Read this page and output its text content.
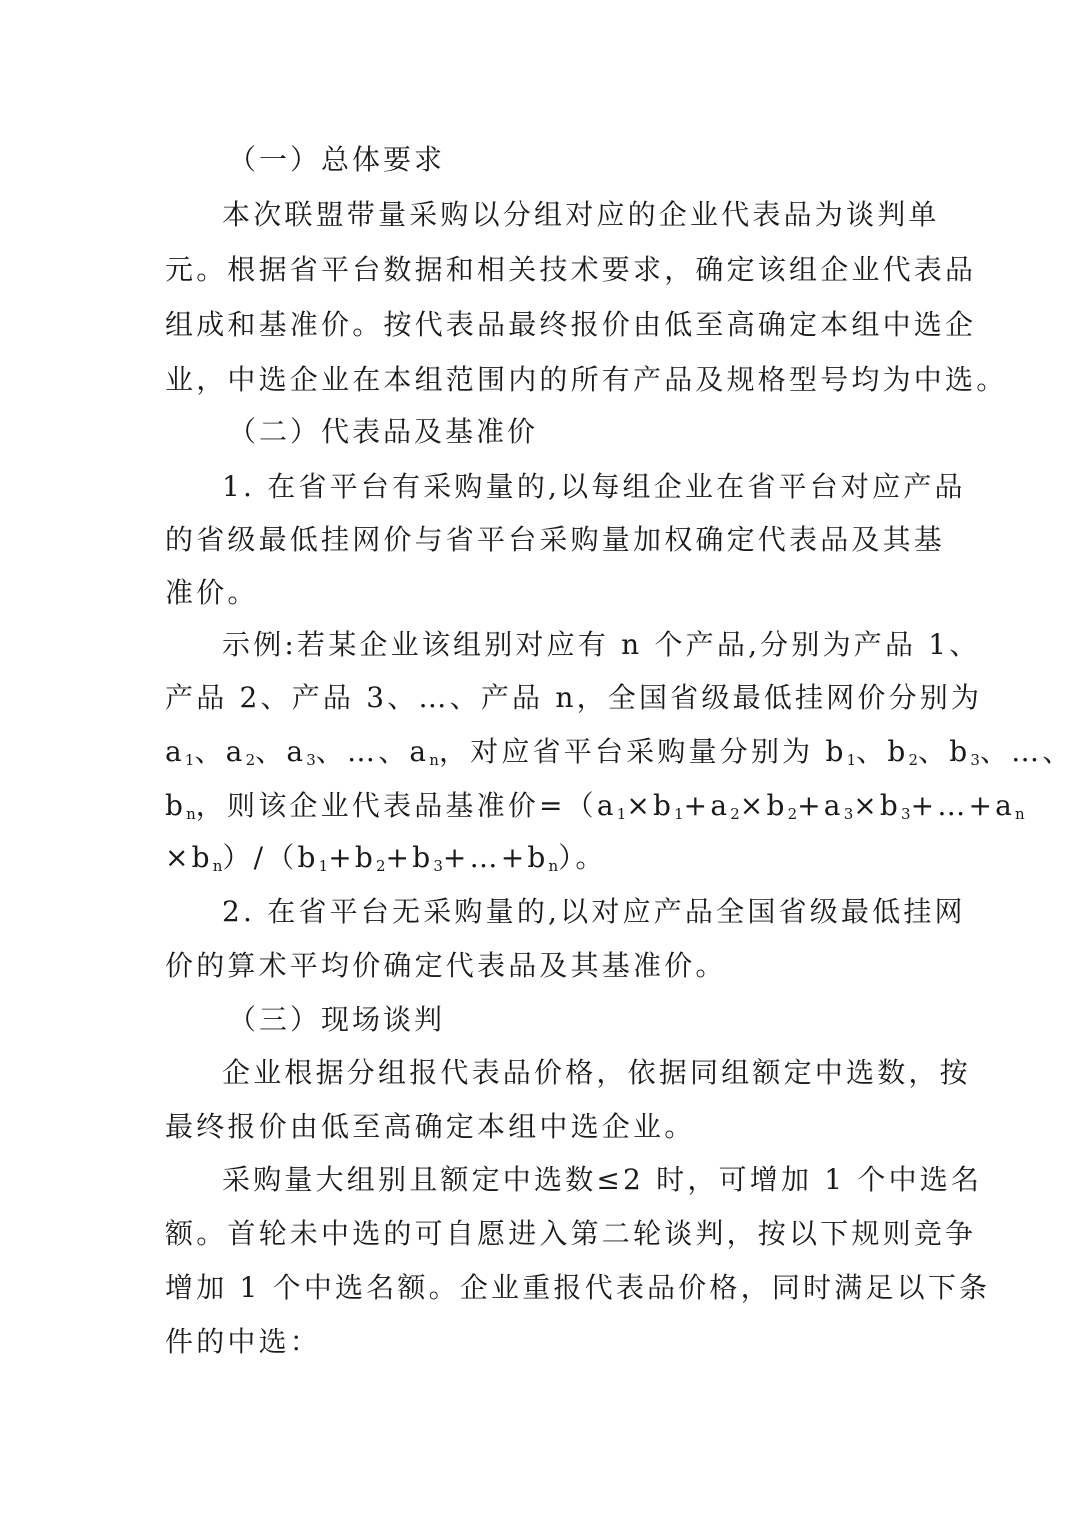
（一）总体要求
本次联盟带量采购以分组对应的企业代表品为谈判单
元。根据省平台数据和相关技术要求，确定该组企业代表品
组成和基准价。按代表品最终报价由低至高确定本组中选企
业，中选企业在本组范围内的所有产品及规格型号均为中选。
（二）代表品及基准价
1. 在省平台有采购量的,以每组企业在省平台对应产品
的省级最低挂网价与省平台采购量加权确定代表品及其基
准价。
示例:若某企业该组别对应有 n 个产品,分别为产品 1、
产品 2、产品 3、…、产品 n，全国省级最低挂网价分别为
$a_1$、$a_2$、$a_3$、…、$a_n$，对应省平台采购量分别为 $b_1$、$b_2$、$b_3$、…、
$b_n$，则该企业代表品基准价$=(a_1\times b_1+a_2\times b_2+a_3\times b_3+\dots+a_n$
$\times b_n)/(b_1+b_2+b_3+\dots+b_n)$。
2. 在省平台无采购量的,以对应产品全国省级最低挂网
价的算术平均价确定代表品及其基准价。
（三）现场谈判
企业根据分组报代表品价格，依据同组额定中选数，按
最终报价由低至高确定本组中选企业。
采购量大组别且额定中选数≤2 时，可增加 1 个中选名
额。首轮未中选的可自愿进入第二轮谈判，按以下规则竞争
增加 1 个中选名额。企业重报代表品价格，同时满足以下条
件的中选：
